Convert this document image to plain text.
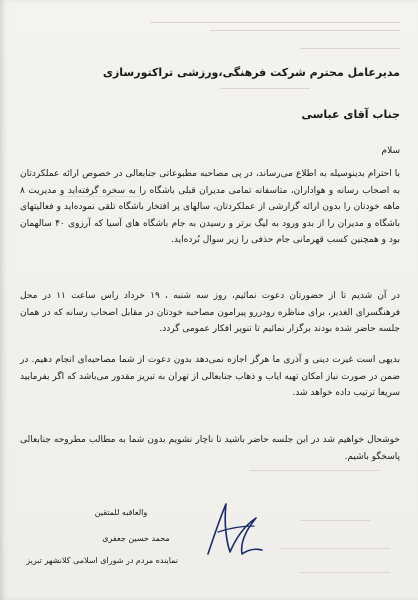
مدیرعامل محترم شرکت فرهنگی،ورزشی تراکتورسازی
جناب آقای عباسی
سلام
با احترام بدینوسیله به اطلاع می‌رساند، در پی مصاحبه مطبوعاتی جنابعالی در خصوص ارائه عملکردتان به اصحاب رسانه و هواداران، متاسفانه تمامی مدیران قبلی باشگاه را به سخره گرفته‌اید و مدیریت ۸ ماهه خودتان را بدون ارائه گزارشی از عملکردتان، سالهای پر افتخار باشگاه تلقی نموده‌اید و فعالیتهای باشگاه و مدیران را از بدو ورود به لیگ برتر و رسیدن به جام باشگاه های آسیا که آرزوی ۴۰ سالهمان بود و همچنین کسب قهرمانی جام حذفی را زیر سوال بُرده‌اید.
در آن شدیم تا از حضورتان دعوت نمائیم، روز سه شنبه ، ۱۹ خرداد راس ساعت ۱۱ در محل فرهنگسرای الغدیر، برای مناظره رودررو پیرامون مصاحبه خودتان در مقابل اصحاب رسانه که در همان جلسه حاضر شده بودند برگزار نمائیم تا تنویر افکار عمومی گردد.
بدیهی است غیرت دینی و آذری ما هرگز اجازه نمی‌دهد بدون دعوت از شما مصاحبه‌ای انجام دهیم. در ضمن در صورت نیاز امکان تهیه ایاب و ذهاب جنابعالی از تهران به تبریز مقدور می‌باشد که اگر بفرمایید سریعا ترتیب داده خواهد شد.
خوشحال خواهیم شد در این جلسه حاضر باشید تا ناچار نشویم بدون شما به مطالب مطروحه جنابعالی پاسخگو باشیم.
والعاقبه للمتقین
محمد حسین جعفری
نماینده مردم در شورای اسلامی کلانشهر تبریز
